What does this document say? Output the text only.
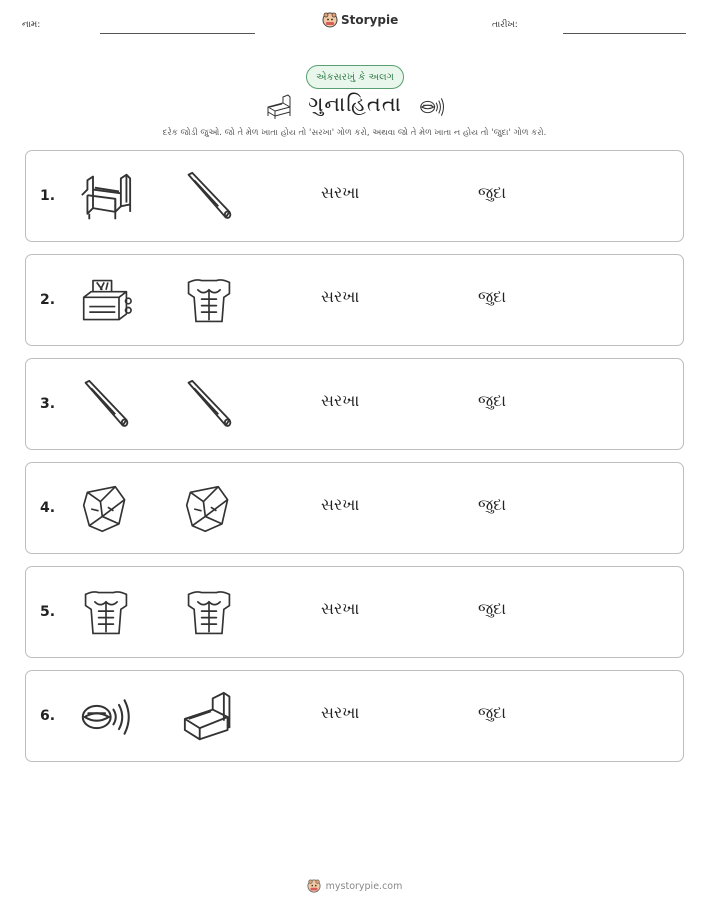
નામ:	Storypie	તારીખ:
એકસરખું કે અલગ
ગુનાહિતતા
દરેક જોડી જુઓ. જો તે મેળ ખાતા હોય તો 'સરખા' ગોળ કરો, અથવા જો તે મેળ ખાતા ન હોય તો 'જુદા' ગોળ કરો.
1.	સરખા	જુદા
2.	સરખા	જુદા
3.	સરખા	જુદા
4.	સરખા	જુદા
5.	સરખા	જુદા
6.	સરખા	જુદા
mystorypie.com
